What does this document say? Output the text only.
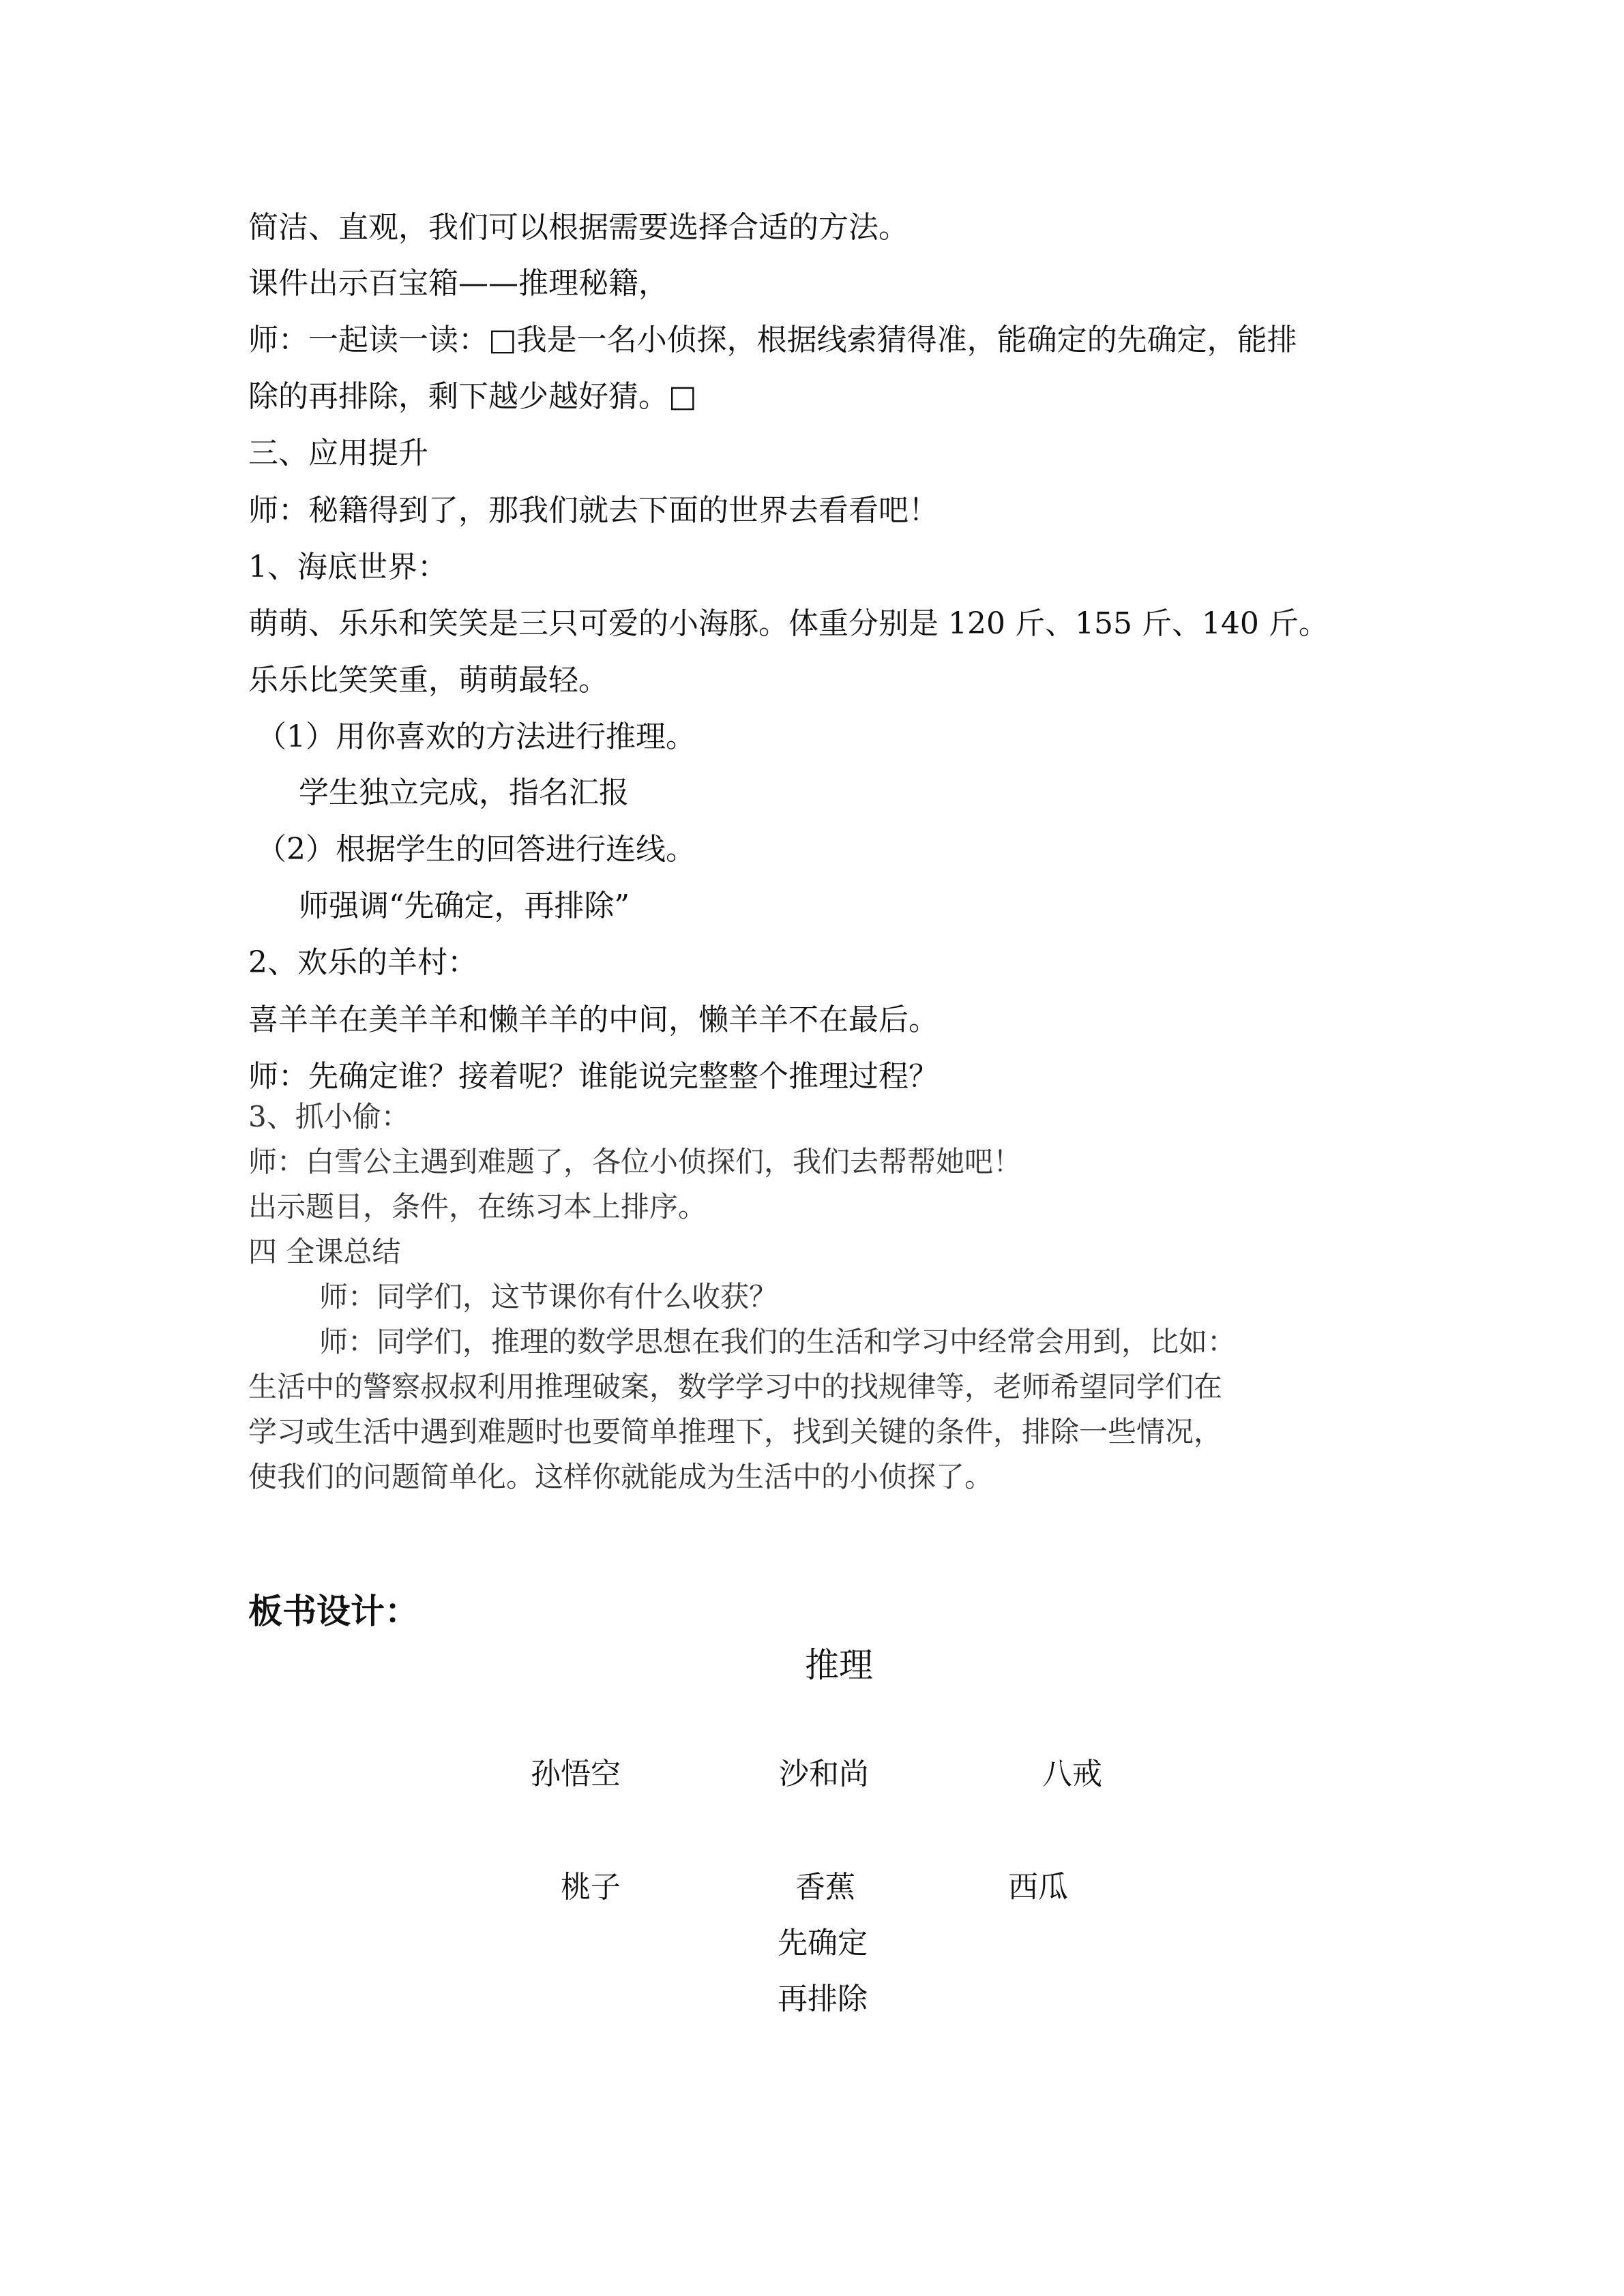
简洁、直观，我们可以根据需要选择合适的方法。
课件出示百宝箱——推理秘籍，
师：一起读一读：□我是一名小侦探，根据线索猜得准，能确定的先确定，能排
除的再排除，剩下越少越好猜。□
三、应用提升
师：秘籍得到了，那我们就去下面的世界去看看吧！
1、海底世界：
萌萌、乐乐和笑笑是三只可爱的小海豚。体重分别是 120 斤、155 斤、140 斤。
乐乐比笑笑重，萌萌最轻。
（1）用你喜欢的方法进行推理。
学生独立完成，指名汇报
（2）根据学生的回答进行连线。
师强调“先确定，再排除”
2、欢乐的羊村：
喜羊羊在美羊羊和懒羊羊的中间，懒羊羊不在最后。
师：先确定谁？接着呢？谁能说完整整个推理过程？
3、抓小偷：
师：白雪公主遇到难题了，各位小侦探们，我们去帮帮她吧！
出示题目，条件，在练习本上排序。
四 全课总结
师：同学们，这节课你有什么收获？
师：同学们，推理的数学思想在我们的生活和学习中经常会用到，比如：
生活中的警察叔叔利用推理破案，数学学习中的找规律等，老师希望同学们在
学习或生活中遇到难题时也要简单推理下，找到关键的条件，排除一些情况，
使我们的问题简单化。这样你就能成为生活中的小侦探了。
板书设计：
推理
孙悟空	沙和尚	八戒
桃子	香蕉	西瓜
先确定
再排除
